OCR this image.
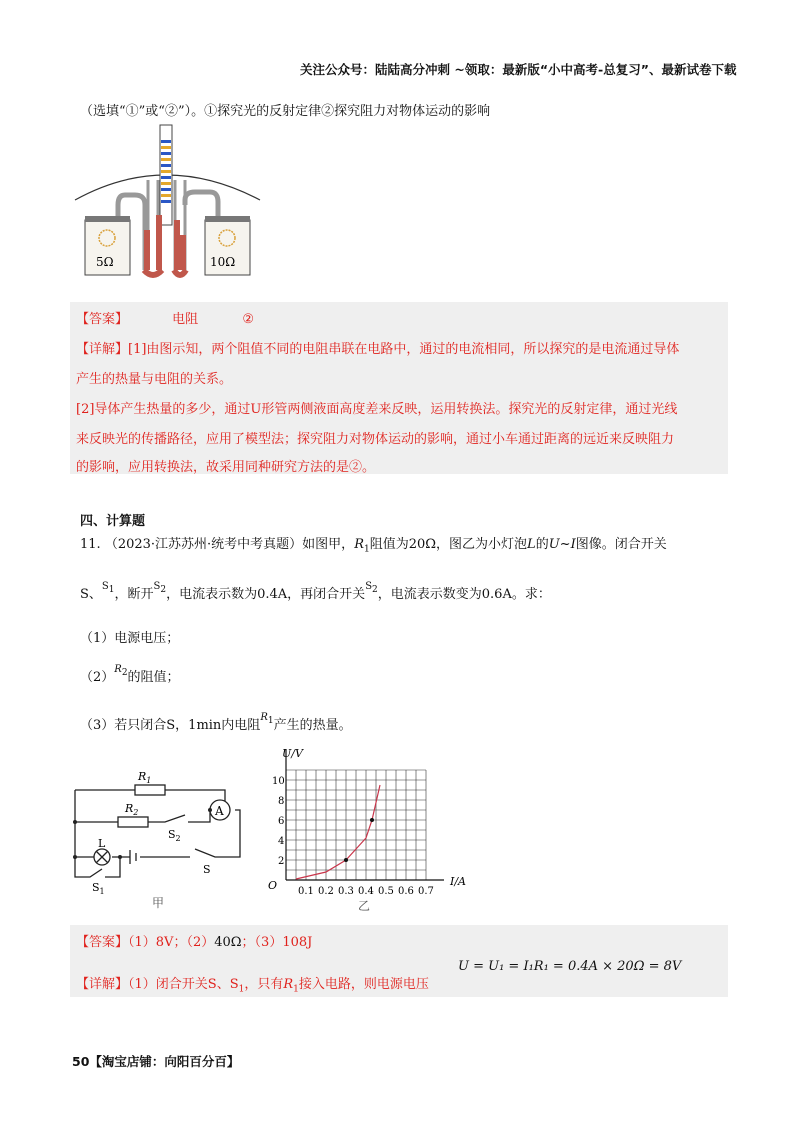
关注公众号：陆陆高分冲刺 ~领取：最新版“小中高考-总复习”、最新试卷下载
（选填“①”或“②”）。①探究光的反射定律②探究阻力对物体运动的影响
5Ω	10Ω
【答案】	电阻	②
【详解】[1]由图示知，两个阻值不同的电阻串联在电路中，通过的电流相同，所以探究的是电流通过导体
产生的热量与电阻的关系。
[2]导体产生热量的多少，通过U形管两侧液面高度差来反映，运用转换法。探究光的反射定律，通过光线
来反映光的传播路径，应用了模型法；探究阻力对物体运动的影响，通过小车通过距离的远近来反映阻力
的影响，应用转换法，故采用同种研究方法的是②。
四、计算题
11. （2023·江苏苏州·统考中考真题）如图甲，$R_1$阻值为20Ω，图乙为小灯泡L的U~I图像。闭合开关
S、$^{S1}$，断开$^{S2}$，电流表示数为0.4A，再闭合开关$^{S2}$，电流表示数变为0.6A。求：
（1）电源电压；
$(2)^{R2}$的阻值；
（3）若只闭合S，1min内电阻$^{R1}$产生的热量。
A
$R_1$
$R_2$
$S_2$
L
S
$S_1$
甲
0.1 0.2 0.3 0.4 0.5 0.6 0.7
2
4
6
8
10
U/V
I/A
O
乙
【答案】（1）8V；（2）40Ω；（3）108J
【详解】（1）闭合开关S、$S_1$，只有$R_1$接入电路，则电源电压
U = U₁ = I₁R₁ = 0.4A × 20Ω = 8V
50【淘宝店铺：向阳百分百】
